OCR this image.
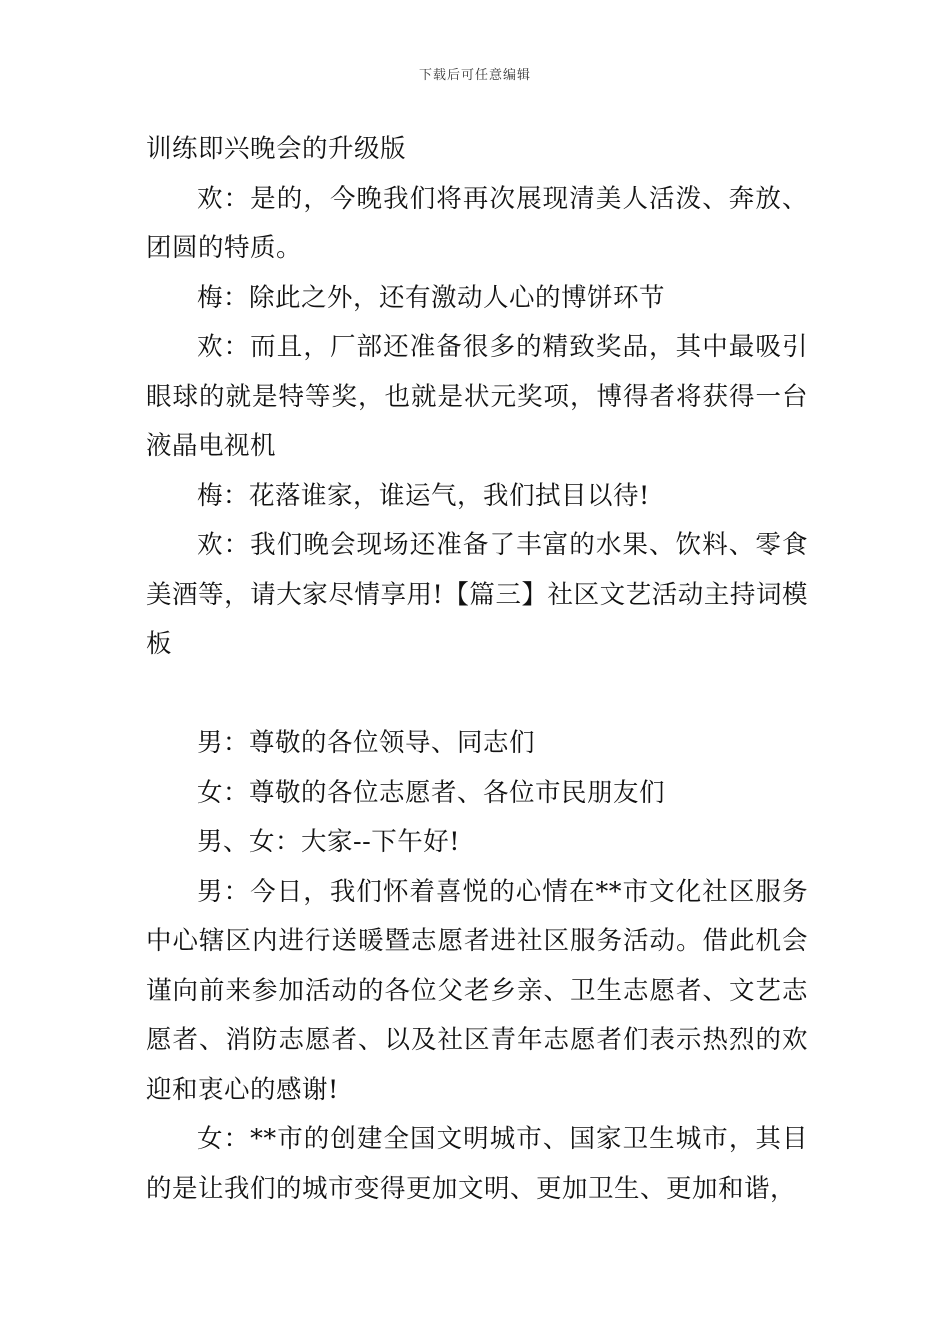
下载后可任意编辑

训练即兴晚会的升级版

欢：是的，今晚我们将再次展现清美人活泼、奔放、团圆的特质。

梅：除此之外，还有激动人心的博饼环节

欢：而且，厂部还准备很多的精致奖品，其中最吸引眼球的就是特等奖，也就是状元奖项，博得者将获得一台液晶电视机

梅：花落谁家，谁运气，我们拭目以待!

欢：我们晚会现场还准备了丰富的水果、饮料、零食美酒等，请大家尽情享用!【篇三】社区文艺活动主持词模板

男：尊敬的各位领导、同志们

女：尊敬的各位志愿者、各位市民朋友们

男、女：大家--下午好!

男：今日，我们怀着喜悦的心情在**市文化社区服务中心辖区内进行送暖暨志愿者进社区服务活动。借此机会谨向前来参加活动的各位父老乡亲、卫生志愿者、文艺志愿者、消防志愿者、以及社区青年志愿者们表示热烈的欢迎和衷心的感谢!

女：**市的创建全国文明城市、国家卫生城市，其目的是让我们的城市变得更加文明、更加卫生、更加和谐，
